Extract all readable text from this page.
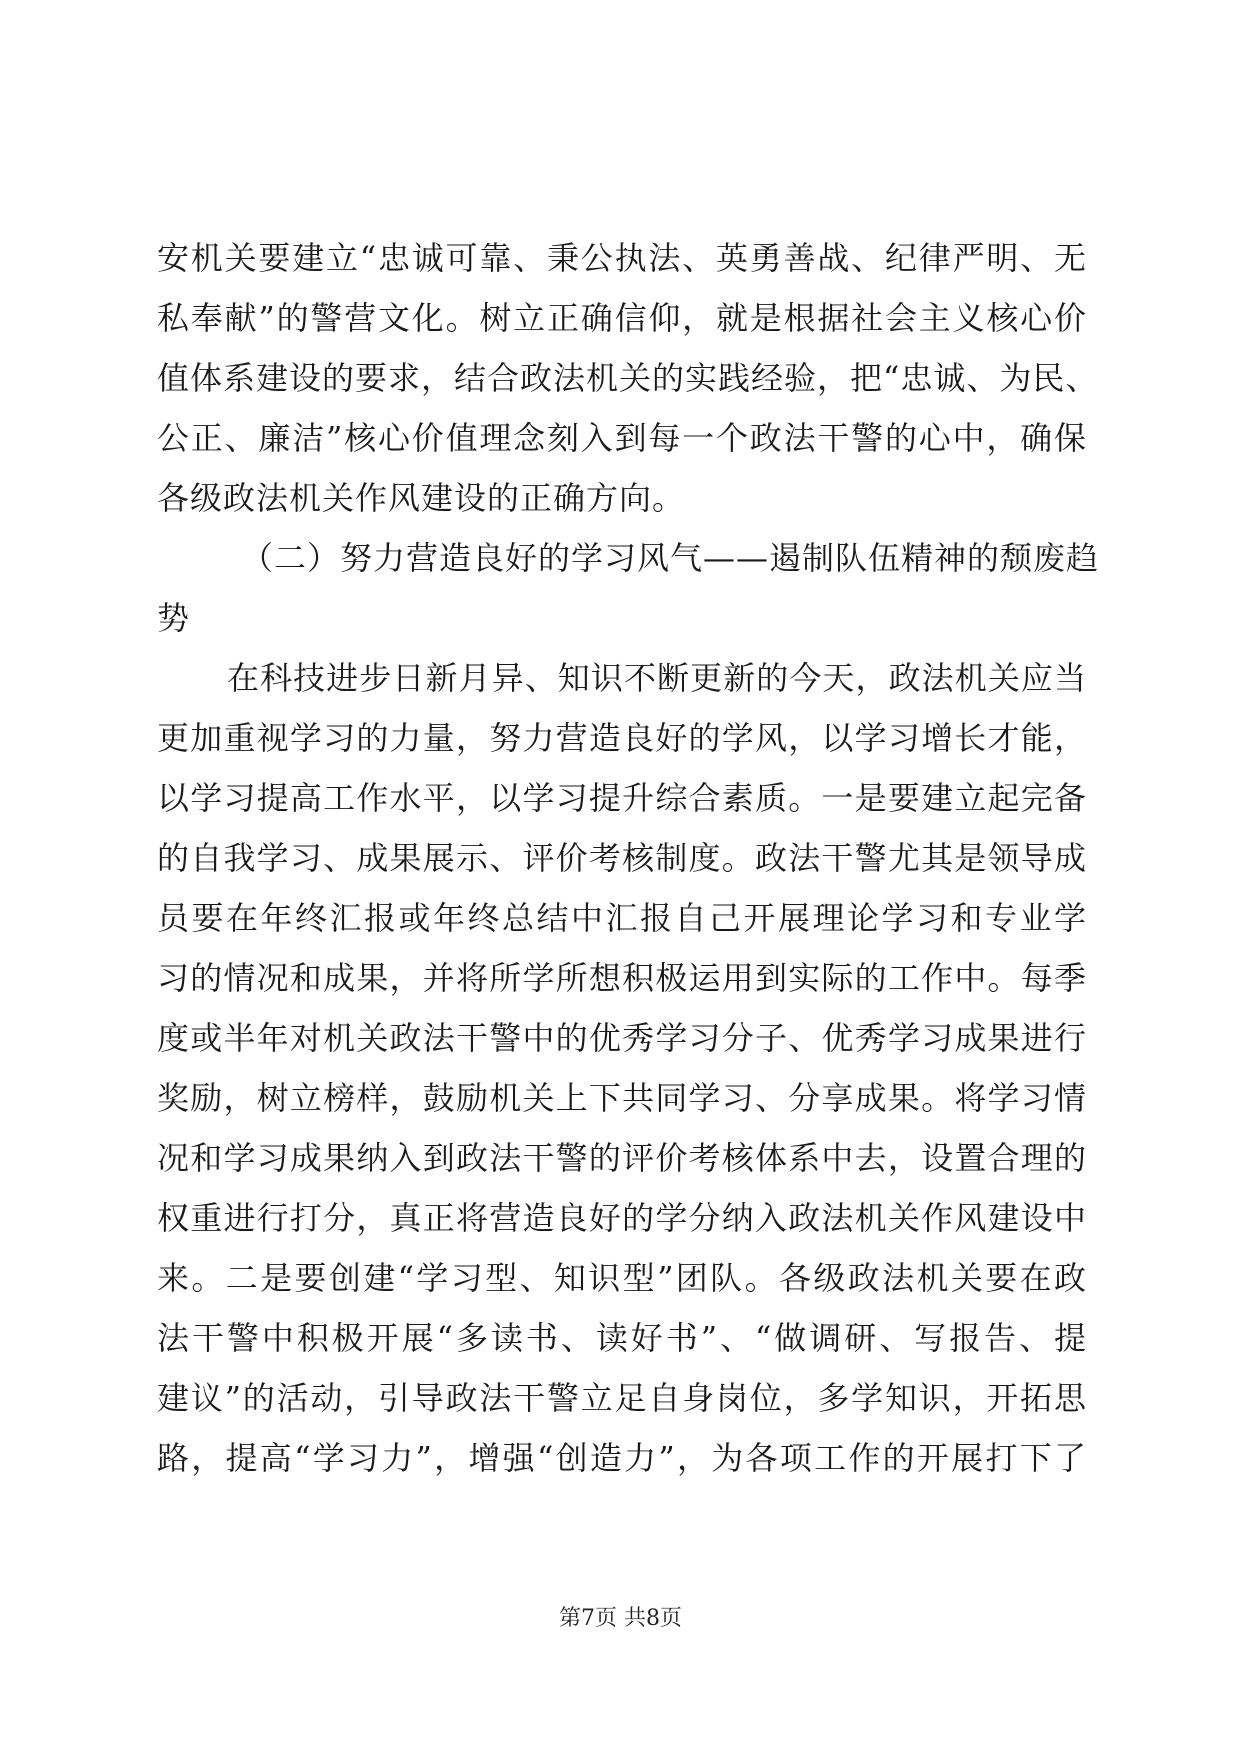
安机关要建立“忠诚可靠、秉公执法、英勇善战、纪律严明、无
私奉献”的警营文化。树立正确信仰，就是根据社会主义核心价
值体系建设的要求，结合政法机关的实践经验，把“忠诚、为民、
公正、廉洁”核心价值理念刻入到每一个政法干警的心中，确保
各级政法机关作风建设的正确方向。
（二）努力营造良好的学习风气——遏制队伍精神的颓废趋
势
在科技进步日新月异、知识不断更新的今天，政法机关应当
更加重视学习的力量，努力营造良好的学风，以学习增长才能，
以学习提高工作水平，以学习提升综合素质。一是要建立起完备
的自我学习、成果展示、评价考核制度。政法干警尤其是领导成
员要在年终汇报或年终总结中汇报自己开展理论学习和专业学
习的情况和成果，并将所学所想积极运用到实际的工作中。每季
度或半年对机关政法干警中的优秀学习分子、优秀学习成果进行
奖励，树立榜样，鼓励机关上下共同学习、分享成果。将学习情
况和学习成果纳入到政法干警的评价考核体系中去，设置合理的
权重进行打分，真正将营造良好的学分纳入政法机关作风建设中
来。二是要创建“学习型、知识型”团队。各级政法机关要在政
法干警中积极开展“多读书、读好书”、“做调研、写报告、提
建议”的活动，引导政法干警立足自身岗位，多学知识，开拓思
路，提高“学习力”，增强“创造力”，为各项工作的开展打下了
第7页 共8页
